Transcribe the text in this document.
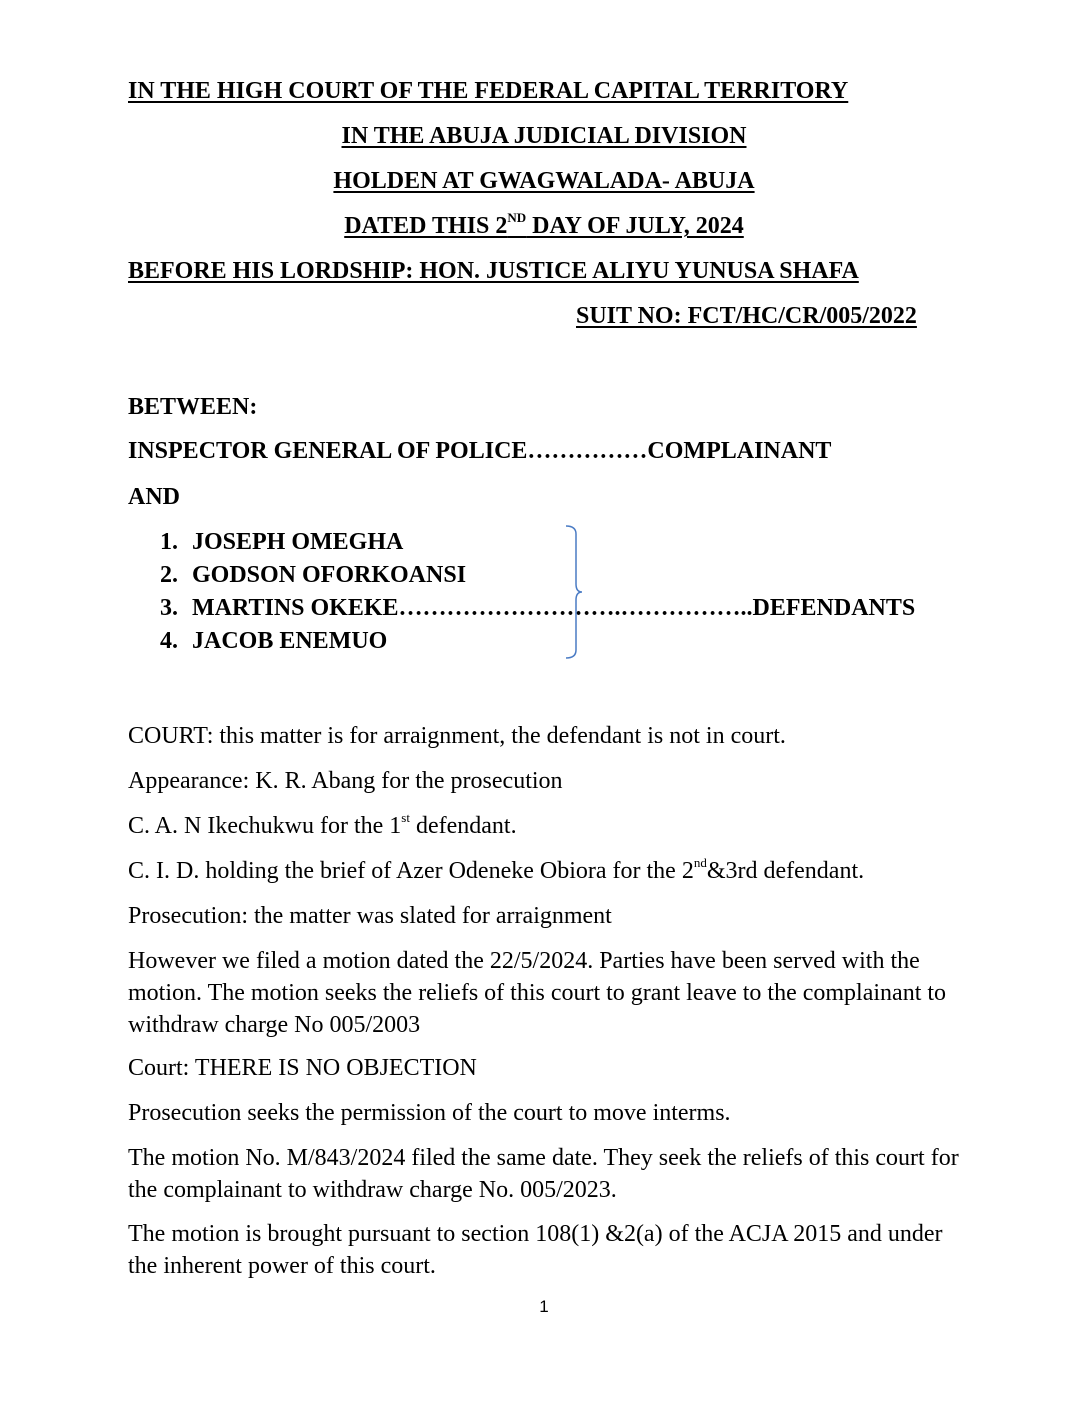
IN THE HIGH COURT OF THE FEDERAL CAPITAL TERRITORY
IN THE ABUJA JUDICIAL DIVISION
HOLDEN AT GWAGWALADA- ABUJA
DATED THIS 2ND DAY OF JULY, 2024
BEFORE HIS LORDSHIP: HON. JUSTICE ALIYU YUNUSA SHAFA
SUIT NO: FCT/HC/CR/005/2022
BETWEEN:
INSPECTOR GENERAL OF POLICE……………COMPLAINANT
AND
1. JOSEPH OMEGHA
2. GODSON OFORKOANSI
3. MARTINS OKEKE……………………….……………..DEFENDANTS
4. JACOB ENEMUO

COURT: this matter is for arraignment, the defendant is not in court.

Appearance: K. R. Abang for the prosecution

C. A. N Ikechukwu for the 1st defendant.

C. I. D. holding the brief of Azer Odeneke Obiora for the 2nd&3rd defendant.

Prosecution: the matter was slated for arraignment

However we filed a motion dated the 22/5/2024. Parties have been served with the motion. The motion seeks the reliefs of this court to grant leave to the complainant to withdraw charge No 005/2003

Court: THERE IS NO OBJECTION

Prosecution seeks the permission of the court to move interms.

The motion No. M/843/2024 filed the same date. They seek the reliefs of this court for the complainant to withdraw charge No. 005/2023.

The motion is brought pursuant to section 108(1) &2(a) of the ACJA 2015 and under the inherent power of this court.

1
